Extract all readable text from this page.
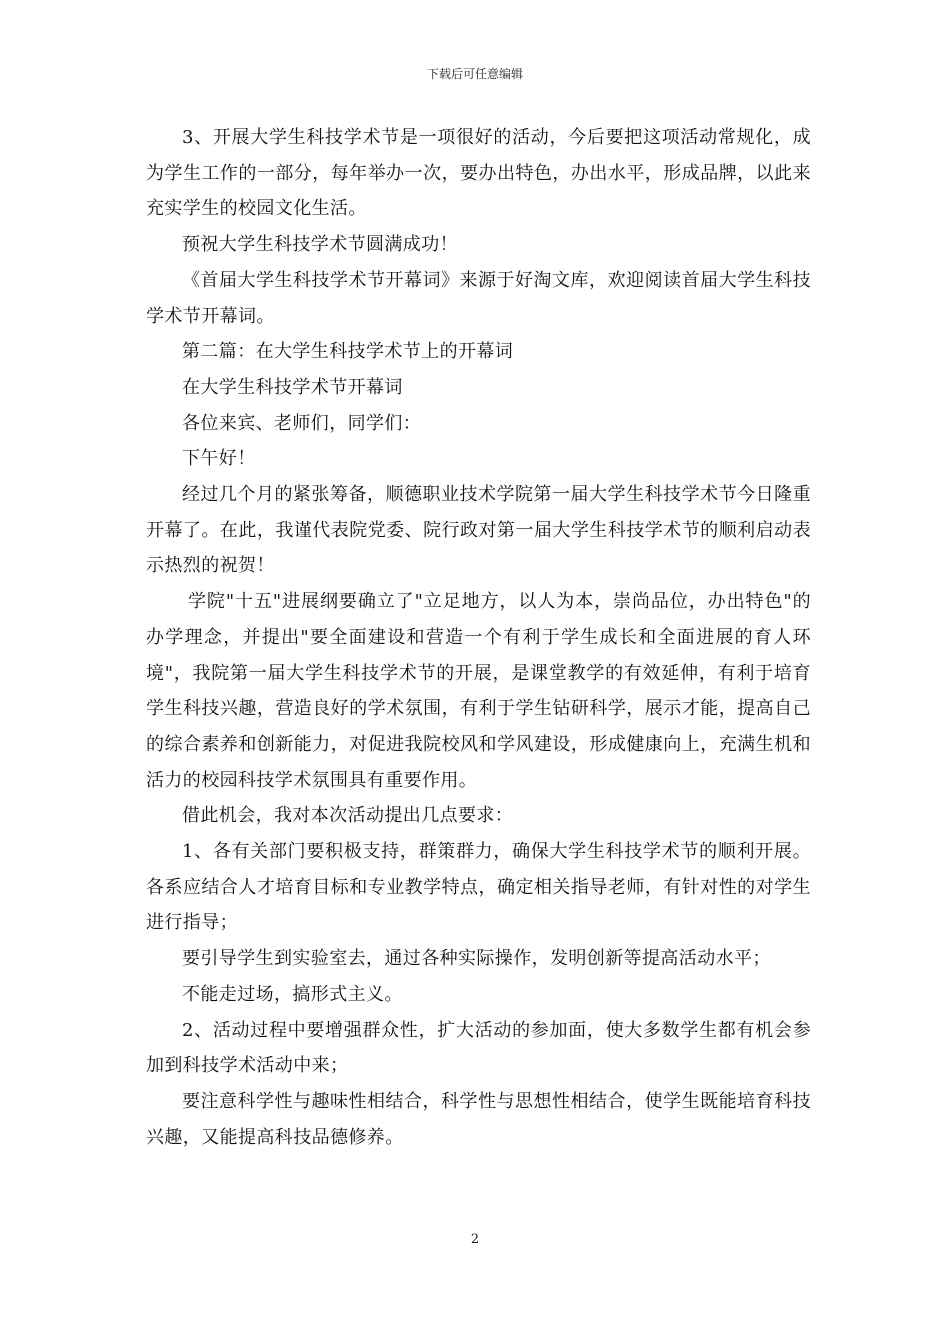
下载后可任意编辑

3、开展大学生科技学术节是一项很好的活动，今后要把这项活动常规化，成为学生工作的一部分，每年举办一次，要办出特色，办出水平，形成品牌，以此来充实学生的校园文化生活。

预祝大学生科技学术节圆满成功！

《首届大学生科技学术节开幕词》来源于好淘文库，欢迎阅读首届大学生科技学术节开幕词。

第二篇：在大学生科技学术节上的开幕词

在大学生科技学术节开幕词

各位来宾、老师们，同学们：

下午好！

经过几个月的紧张筹备，顺德职业技术学院第一届大学生科技学术节今日隆重开幕了。在此，我谨代表院党委、院行政对第一届大学生科技学术节的顺利启动表示热烈的祝贺！

学院"十五"进展纲要确立了"立足地方，以人为本，崇尚品位，办出特色"的办学理念，并提出"要全面建设和营造一个有利于学生成长和全面进展的育人环境"，我院第一届大学生科技学术节的开展，是课堂教学的有效延伸，有利于培育学生科技兴趣，营造良好的学术氛围，有利于学生钻研科学，展示才能，提高自己的综合素养和创新能力，对促进我院校风和学风建设，形成健康向上，充满生机和活力的校园科技学术氛围具有重要作用。

借此机会，我对本次活动提出几点要求：

1、各有关部门要积极支持，群策群力，确保大学生科技学术节的顺利开展。各系应结合人才培育目标和专业教学特点，确定相关指导老师，有针对性的对学生进行指导；

要引导学生到实验室去，通过各种实际操作，发明创新等提高活动水平；

不能走过场，搞形式主义。

2、活动过程中要增强群众性，扩大活动的参加面，使大多数学生都有机会参加到科技学术活动中来；

要注意科学性与趣味性相结合，科学性与思想性相结合，使学生既能培育科技兴趣，又能提高科技品德修养。

2
